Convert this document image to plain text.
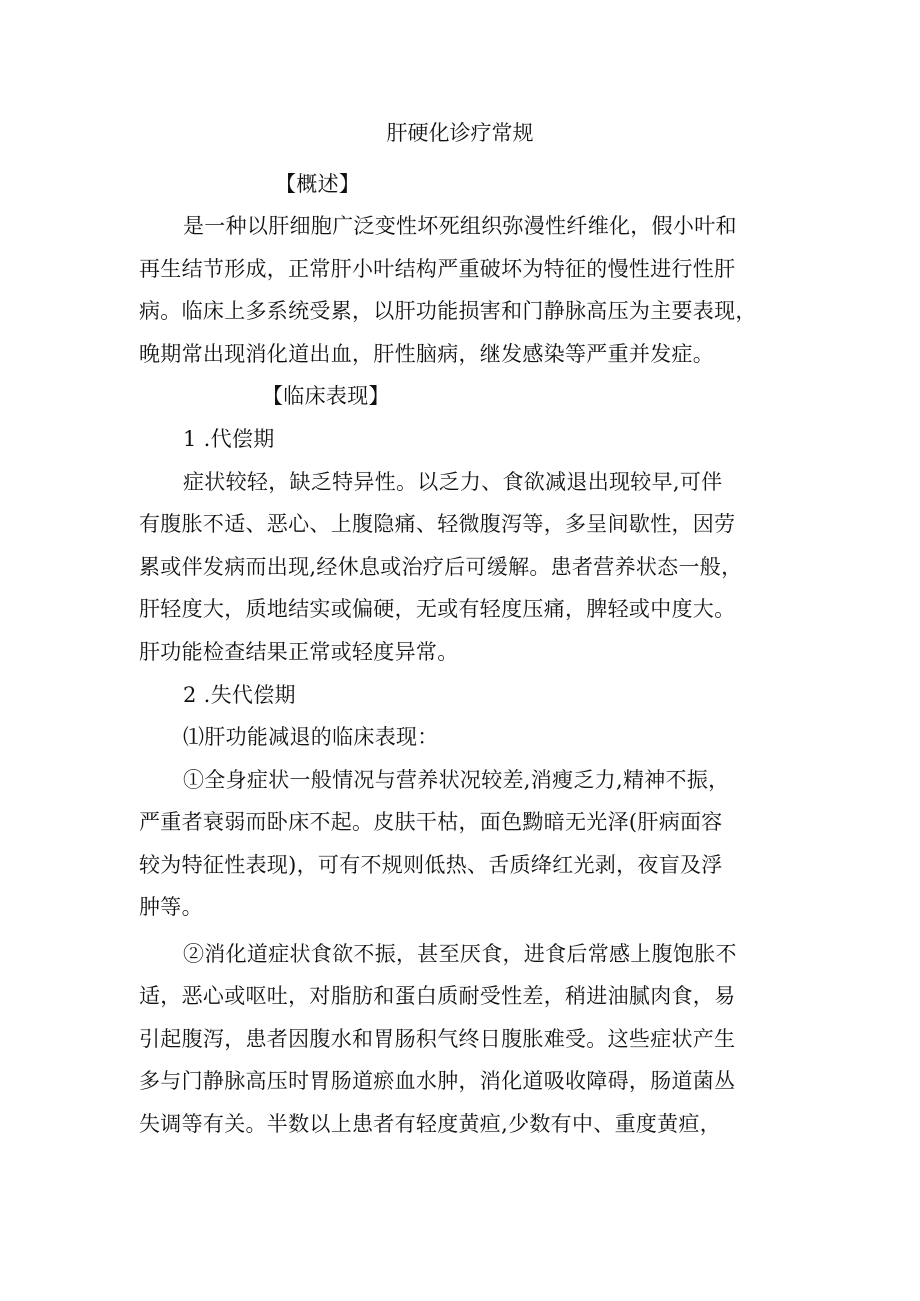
肝硬化诊疗常规
【概述】
是一种以肝细胞广泛变性坏死组织弥漫性纤维化，假小叶和
再生结节形成，正常肝小叶结构严重破坏为特征的慢性进行性肝
病。临床上多系统受累，以肝功能损害和门静脉高压为主要表现，
晚期常出现消化道出血，肝性脑病，继发感染等严重并发症。
【临床表现】
1 .代偿期
症状较轻，缺乏特异性。以乏力、食欲减退出现较早,可伴
有腹胀不适、恶心、上腹隐痛、轻微腹泻等，多呈间歇性，因劳
累或伴发病而出现,经休息或治疗后可缓解。患者营养状态一般，
肝轻度大，质地结实或偏硬，无或有轻度压痛，脾轻或中度大。
肝功能检查结果正常或轻度异常。
2 .失代偿期
⑴肝功能减退的临床表现：
①全身症状一般情况与营养状况较差,消瘦乏力,精神不振，
严重者衰弱而卧床不起。皮肤干枯，面色黝暗无光泽(肝病面容
较为特征性表现)，可有不规则低热、舌质绛红光剥，夜盲及浮
肿等。
②消化道症状食欲不振，甚至厌食，进食后常感上腹饱胀不
适，恶心或呕吐，对脂肪和蛋白质耐受性差，稍进油腻肉食，易
引起腹泻，患者因腹水和胃肠积气终日腹胀难受。这些症状产生
多与门静脉高压时胃肠道瘀血水肿，消化道吸收障碍，肠道菌丛
失调等有关。半数以上患者有轻度黄疸,少数有中、重度黄疸，
